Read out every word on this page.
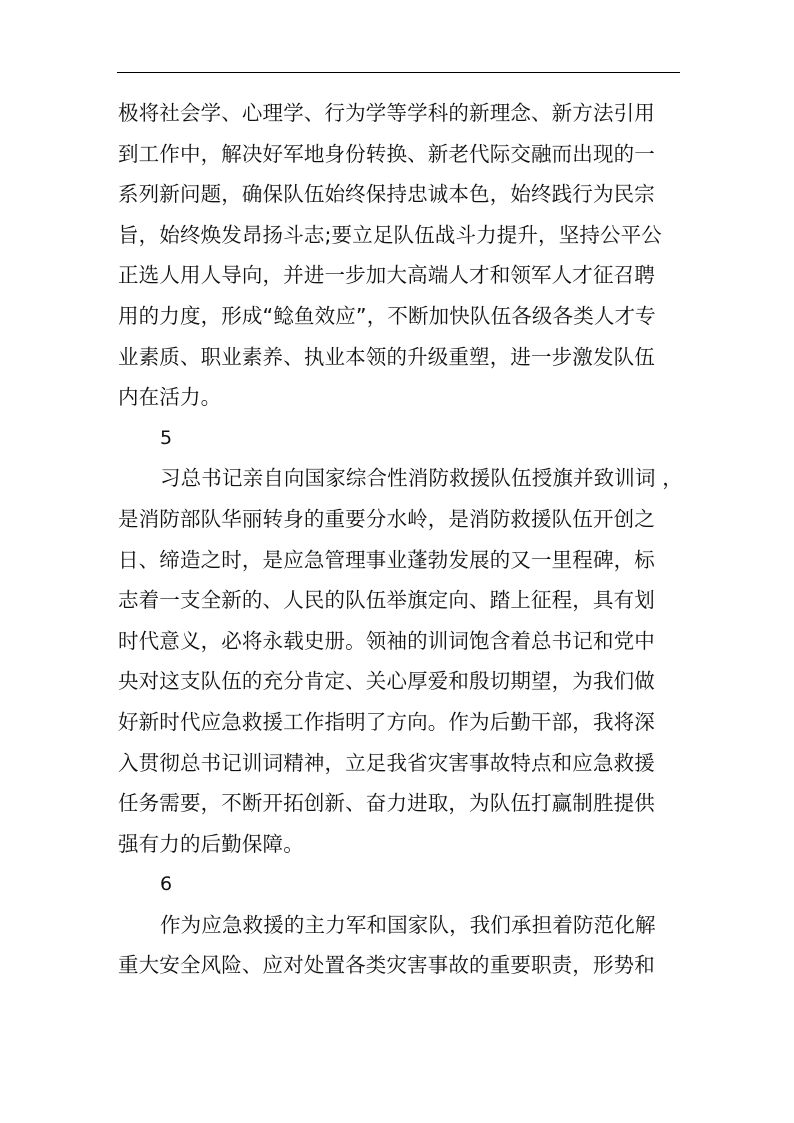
极将社会学、心理学、行为学等学科的新理念、新方法引用
到工作中，解决好军地身份转换、新老代际交融而出现的一
系列新问题，确保队伍始终保持忠诚本色，始终践行为民宗
旨，始终焕发昂扬斗志;要立足队伍战斗力提升，坚持公平公
正选人用人导向，并进一步加大高端人才和领军人才征召聘
用的力度，形成“鲶鱼效应”，不断加快队伍各级各类人才专
业素质、职业素养、执业本领的升级重塑，进一步激发队伍
内在活力。
5
习总书记亲自向国家综合性消防救援队伍授旗并致训词 ，
是消防部队华丽转身的重要分水岭，是消防救援队伍开创之
日、缔造之时，是应急管理事业蓬勃发展的又一里程碑，标
志着一支全新的、人民的队伍举旗定向、踏上征程，具有划
时代意义，必将永载史册。领袖的训词饱含着总书记和党中
央对这支队伍的充分肯定、关心厚爱和殷切期望，为我们做
好新时代应急救援工作指明了方向。作为后勤干部，我将深
入贯彻总书记训词精神，立足我省灾害事故特点和应急救援
任务需要，不断开拓创新、奋力进取，为队伍打赢制胜提供
强有力的后勤保障。
6
作为应急救援的主力军和国家队，我们承担着防范化解
重大安全风险、应对处置各类灾害事故的重要职责，形势和
